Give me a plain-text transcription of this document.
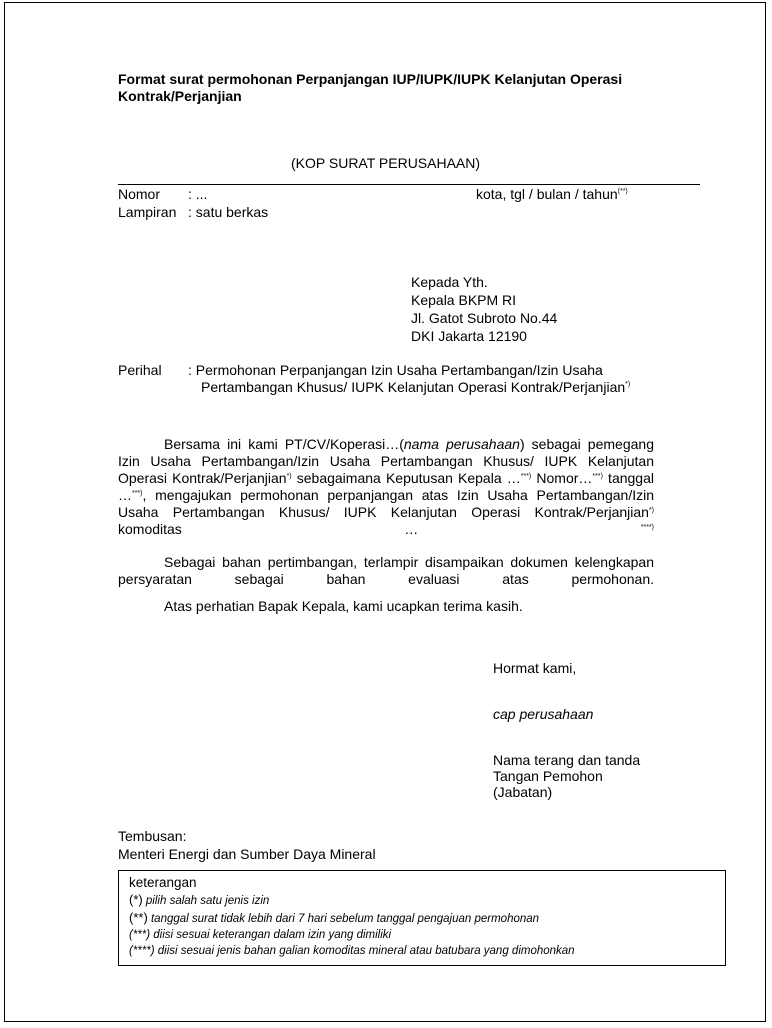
Format surat permohonan Perpanjangan IUP/IUPK/IUPK Kelanjutan Operasi
Kontrak/Perjanjian
(KOP SURAT PERUSAHAAN)
Nomor : ...	kota, tgl / bulan / tahun(**)
Lampiran : satu berkas
Kepada Yth.
Kepala BKPM RI
Jl. Gatot Subroto No.44
DKI Jakarta 12190
Perihal : Permohonan Perpanjangan Izin Usaha Pertambangan/Izin Usaha
Pertambangan Khusus/ IUPK Kelanjutan Operasi Kontrak/Perjanjian*)
Bersama ini kami PT/CV/Koperasi…(nama perusahaan) sebagai pemegang Izin Usaha Pertambangan/Izin Usaha Pertambangan Khusus/ IUPK Kelanjutan Operasi Kontrak/Perjanjian*) sebagaimana Keputusan Kepala …***) Nomor…***) tanggal …***), mengajukan permohonan perpanjangan atas Izin Usaha Pertambangan/Izin Usaha Pertambangan Khusus/ IUPK Kelanjutan Operasi Kontrak/Perjanjian*) komoditas … ****)
Sebagai bahan pertimbangan, terlampir disampaikan dokumen kelengkapan persyaratan sebagai bahan evaluasi atas permohonan.
Atas perhatian Bapak Kepala, kami ucapkan terima kasih.
Hormat kami,
cap perusahaan
Nama terang dan tanda
Tangan Pemohon
(Jabatan)
Tembusan:
Menteri Energi dan Sumber Daya Mineral
keterangan
(*) pilih salah satu jenis izin
(**) tanggal surat tidak lebih dari 7 hari sebelum tanggal pengajuan permohonan
(***) diisi sesuai keterangan dalam izin yang dimiliki
(****) diisi sesuai jenis bahan galian komoditas mineral atau batubara yang dimohonkan
